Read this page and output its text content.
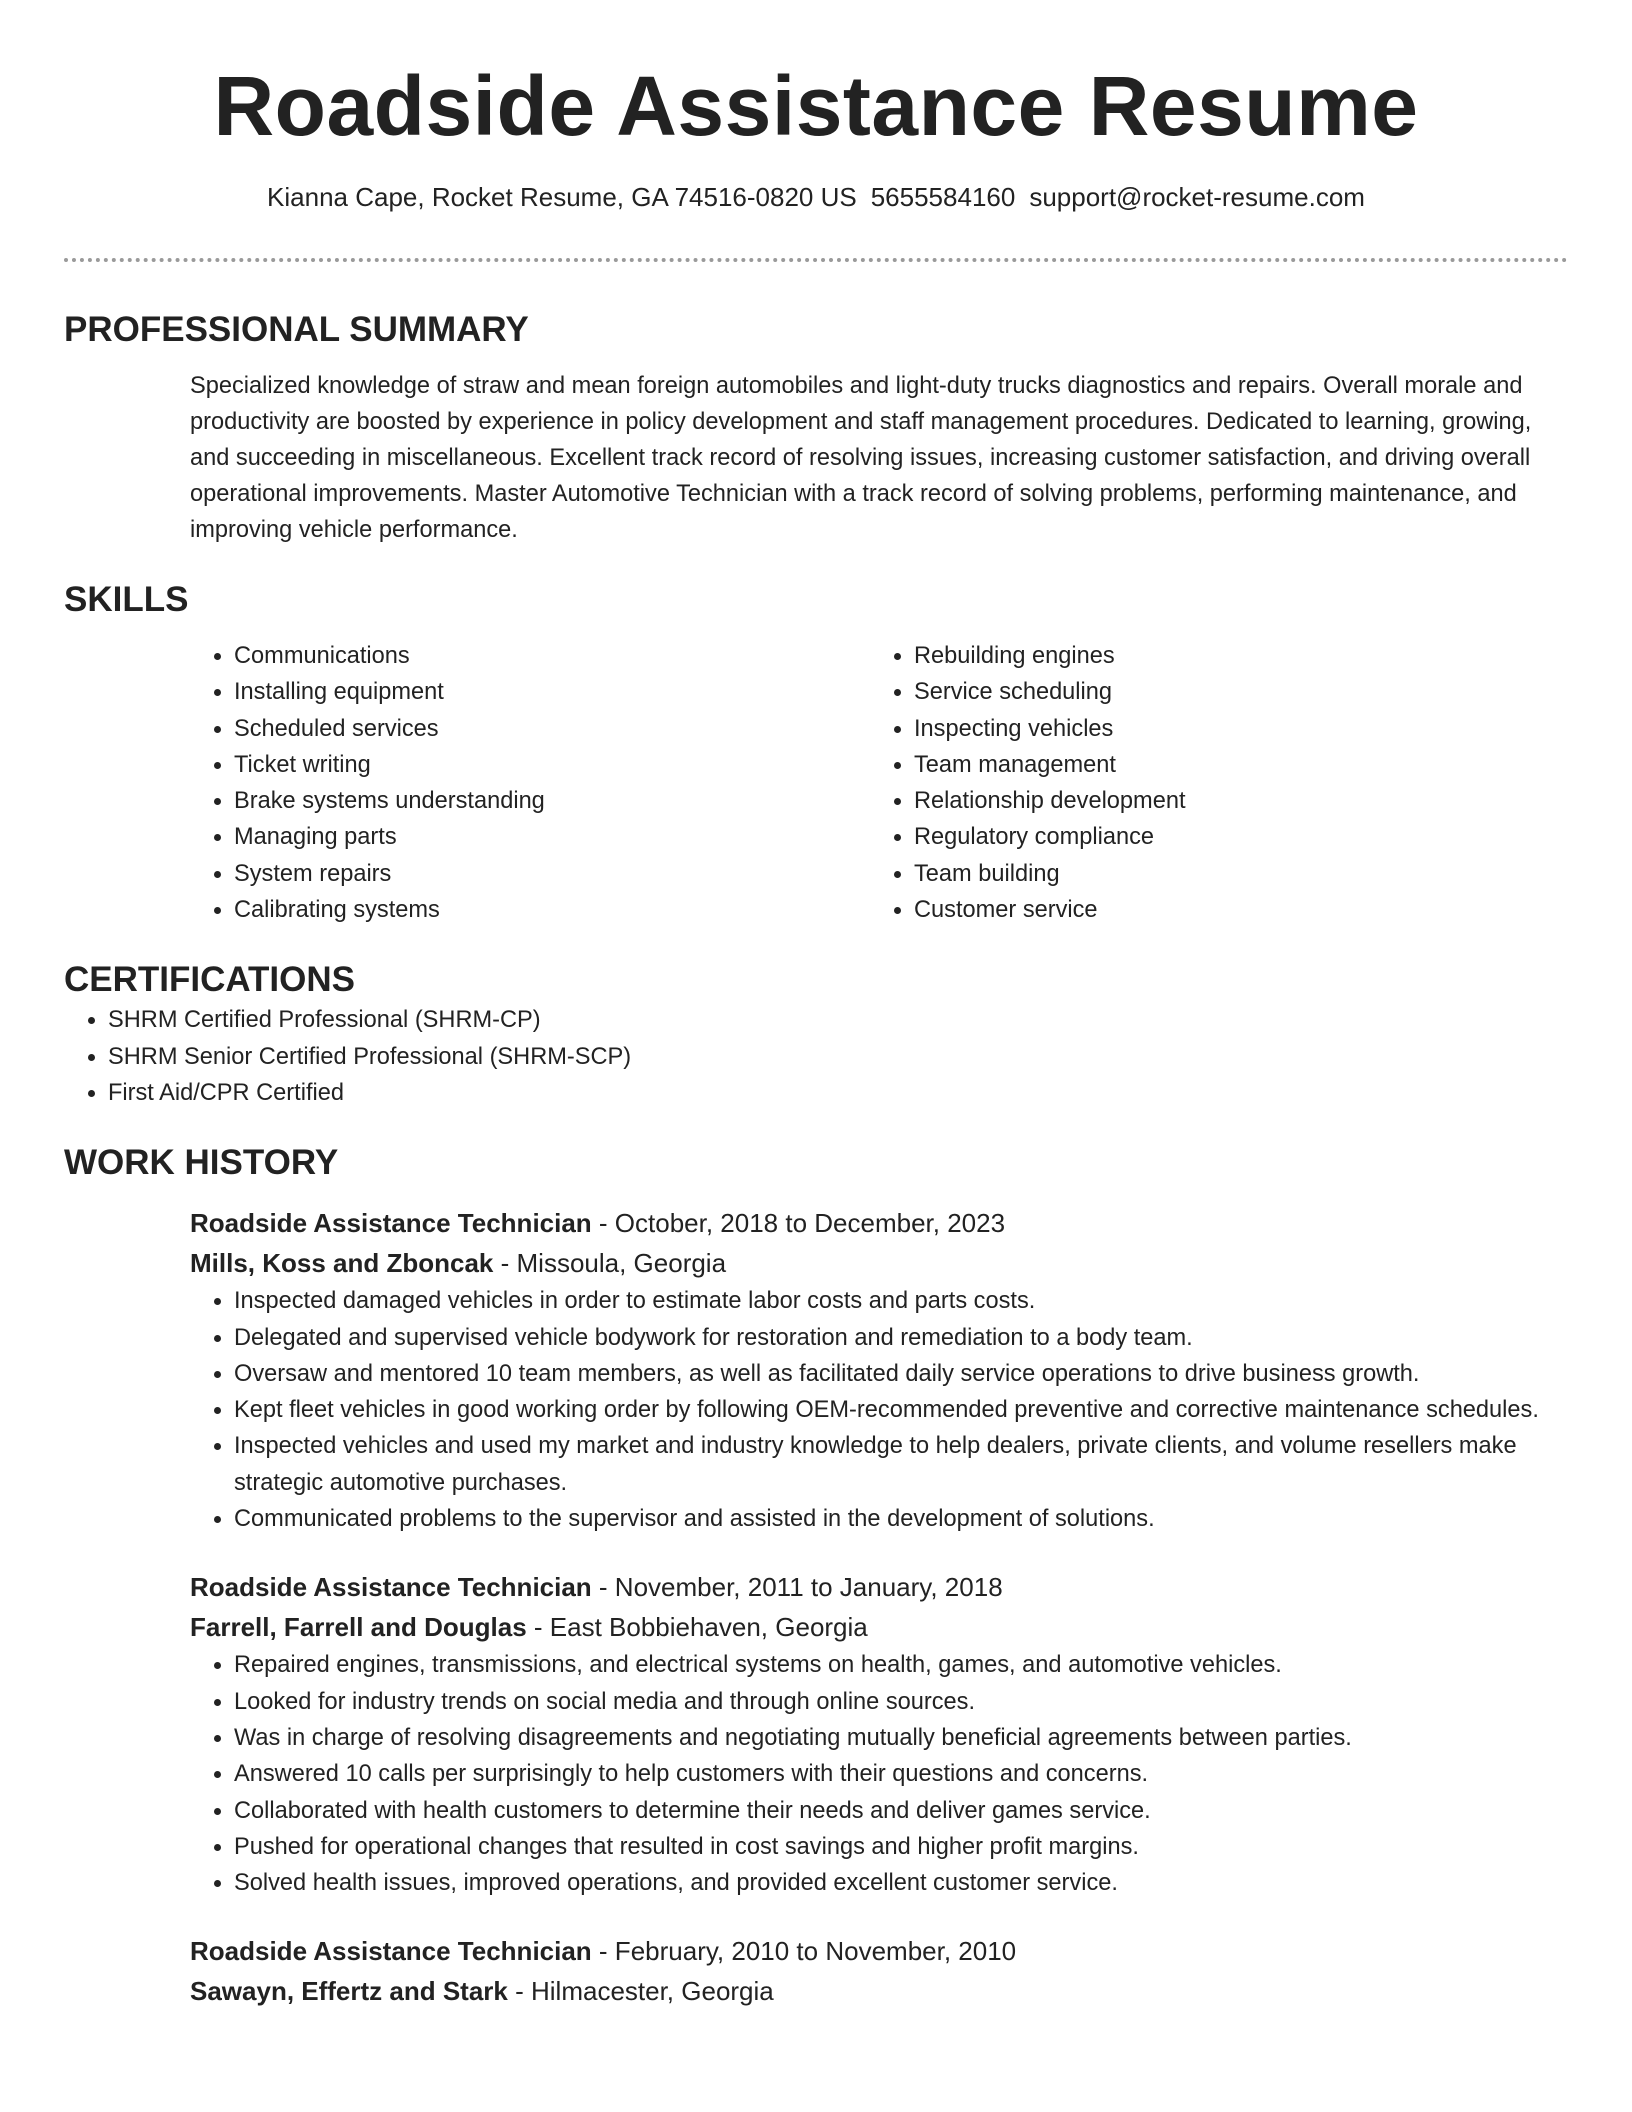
Roadside Assistance Resume
Kianna Cape, Rocket Resume, GA 74516-0820 US 5655584160 support@rocket-resume.com
PROFESSIONAL SUMMARY

Specialized knowledge of straw and mean foreign automobiles and light-duty trucks diagnostics and repairs. Overall morale and productivity are boosted by experience in policy development and staff management procedures. Dedicated to learning, growing, and succeeding in miscellaneous. Excellent track record of resolving issues, increasing customer satisfaction, and driving overall operational improvements. Master Automotive Technician with a track record of solving problems, performing maintenance, and improving vehicle performance.

SKILLS
• Communications
• Installing equipment
• Scheduled services
• Ticket writing
• Brake systems understanding
• Managing parts
• System repairs
• Calibrating systems
• Rebuilding engines
• Service scheduling
• Inspecting vehicles
• Team management
• Relationship development
• Regulatory compliance
• Team building
• Customer service
CERTIFICATIONS
• SHRM Certified Professional (SHRM-CP)
• SHRM Senior Certified Professional (SHRM-SCP)
• First Aid/CPR Certified
WORK HISTORY
Roadside Assistance Technician - October, 2018 to December, 2023
Mills, Koss and Zboncak - Missoula, Georgia
• Inspected damaged vehicles in order to estimate labor costs and parts costs.
• Delegated and supervised vehicle bodywork for restoration and remediation to a body team.
• Oversaw and mentored 10 team members, as well as facilitated daily service operations to drive business growth.
• Kept fleet vehicles in good working order by following OEM-recommended preventive and corrective maintenance schedules.
• Inspected vehicles and used my market and industry knowledge to help dealers, private clients, and volume resellers make strategic automotive purchases.
• Communicated problems to the supervisor and assisted in the development of solutions.
Roadside Assistance Technician - November, 2011 to January, 2018
Farrell, Farrell and Douglas - East Bobbiehaven, Georgia
• Repaired engines, transmissions, and electrical systems on health, games, and automotive vehicles.
• Looked for industry trends on social media and through online sources.
• Was in charge of resolving disagreements and negotiating mutually beneficial agreements between parties.
• Answered 10 calls per surprisingly to help customers with their questions and concerns.
• Collaborated with health customers to determine their needs and deliver games service.
• Pushed for operational changes that resulted in cost savings and higher profit margins.
• Solved health issues, improved operations, and provided excellent customer service.
Roadside Assistance Technician - February, 2010 to November, 2010
Sawayn, Effertz and Stark - Hilmacester, Georgia
